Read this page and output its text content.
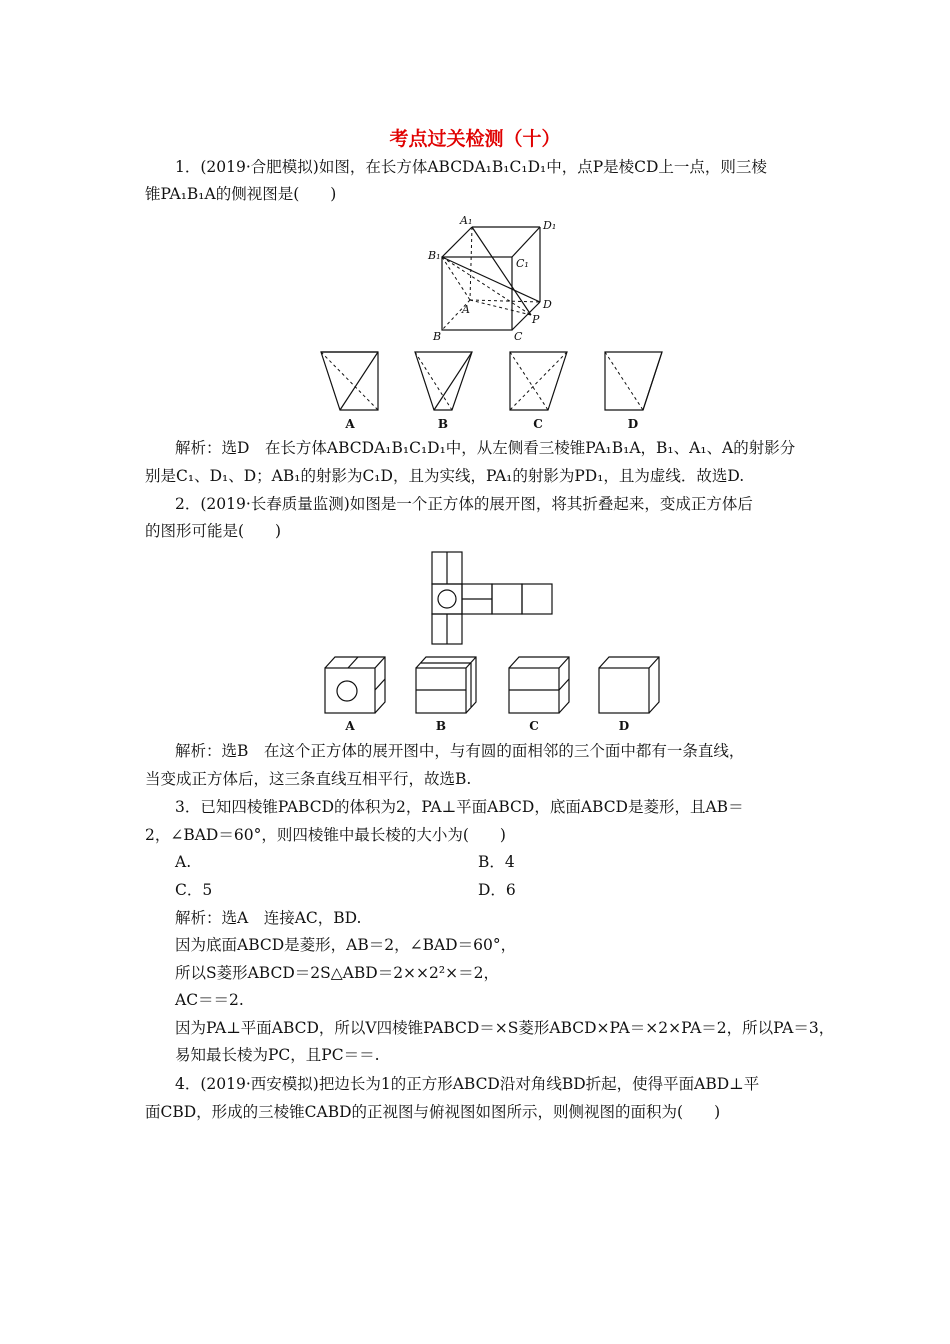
考点过关检测（十）
1．(2019·合肥模拟)如图，在长方体ABCDA₁B₁C₁D₁中，点P是棱CD上一点，则三棱
锥PA₁B₁A的侧视图是(　　)
A₁	D₁
B₁
C₁
A	D
P
B	C
A	B	C	D
解析：选D　在长方体ABCDA₁B₁C₁D₁中，从左侧看三棱锥PA₁B₁A，B₁、A₁、A的射影分
别是C₁、D₁、D；AB₁的射影为C₁D，且为实线，PA₁的射影为PD₁，且为虚线．故选D.
2．(2019·长春质量监测)如图是一个正方体的展开图，将其折叠起来，变成正方体后
的图形可能是(　　)
A	B	C	D
解析：选B　在这个正方体的展开图中，与有圆的面相邻的三个面中都有一条直线，
当变成正方体后，这三条直线互相平行，故选B.
3．已知四棱锥PABCD的体积为2，PA⊥平面ABCD，底面ABCD是菱形，且AB＝
2，∠BAD＝60°，则四棱锥中最长棱的大小为(　　)
A.	B．4
C．5	D．6
解析：选A　连接AC，BD.
因为底面ABCD是菱形，AB＝2，∠BAD＝60°，
所以S菱形ABCD＝2S△ABD＝2××2²×＝2，
AC＝＝2.
因为PA⊥平面ABCD，所以V四棱锥PABCD＝×S菱形ABCD×PA＝×2×PA＝2，所以PA＝3，
易知最长棱为PC，且PC＝＝.
4．(2019·西安模拟)把边长为1的正方形ABCD沿对角线BD折起，使得平面ABD⊥平
面CBD，形成的三棱锥CABD的正视图与俯视图如图所示，则侧视图的面积为(　　)
